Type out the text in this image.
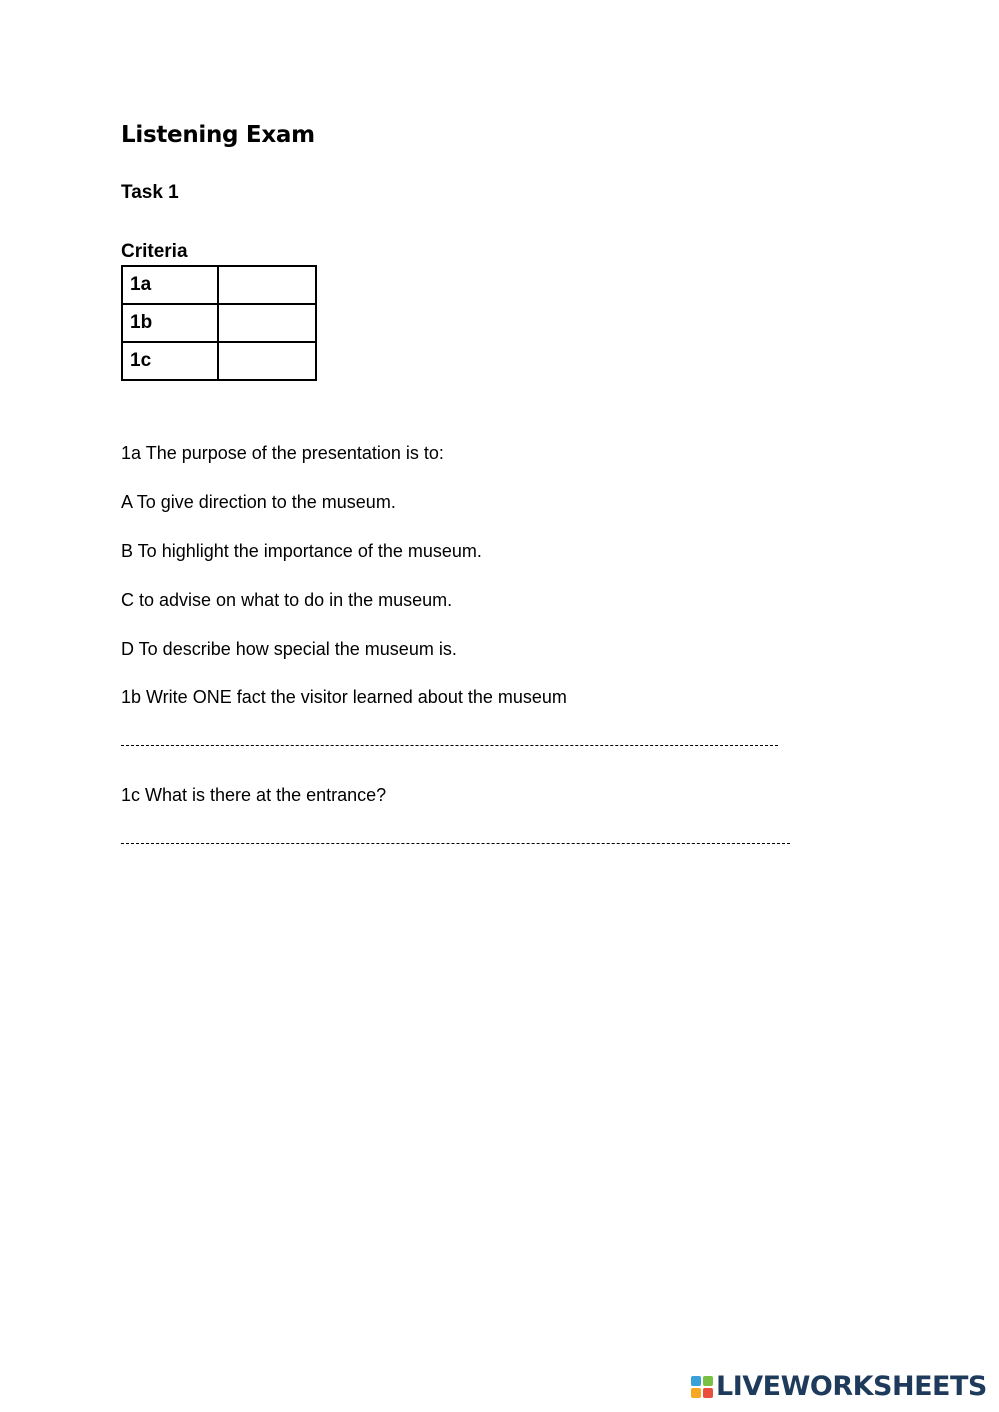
Listening Exam
Task 1
Criteria
1a	
1b	
1c	
1a The purpose of the presentation is to:
A To give direction to the museum.
B To highlight the importance of the museum.
C to advise on what to do in the museum.
D To describe how special the museum is.
1b Write ONE fact the visitor learned about the museum
1c What is there at the entrance?
LIVEWORKSHEETS
